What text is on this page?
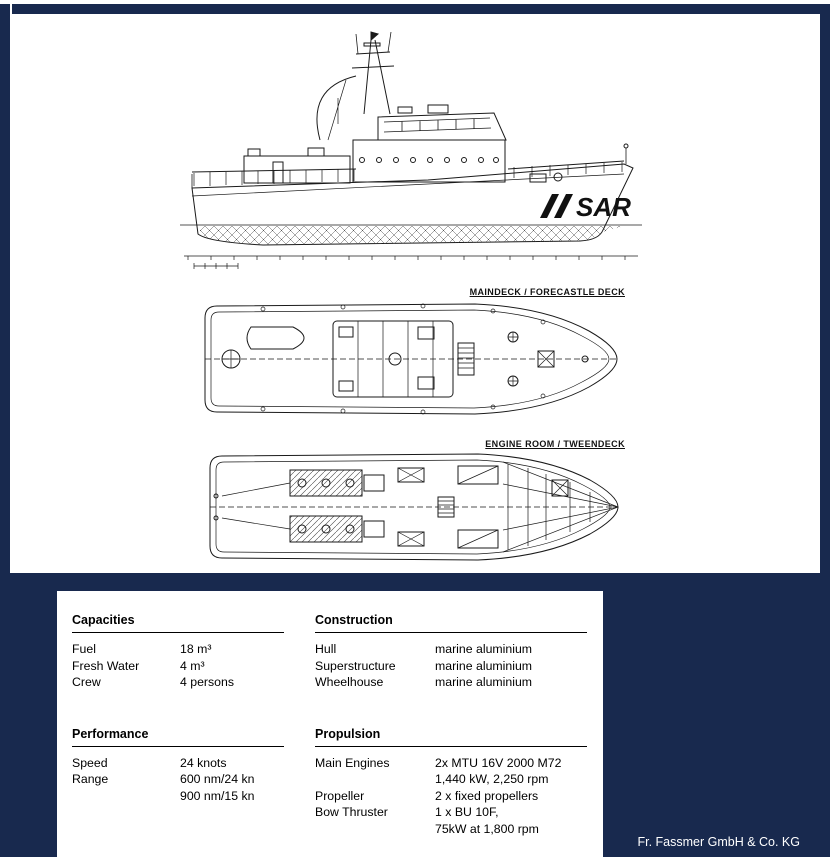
SAR
MAINDECK / FORECASTLE DECK
ENGINE ROOM / TWEENDECK
Capacities
Fuel	18 m³
Fresh Water	4 m³
Crew	4 persons
Performance
Speed	24 knots
Range	600 nm/24 kn
900 nm/15 kn
Construction
Hull	marine aluminium
Superstructure	marine aluminium
Wheelhouse	marine aluminium
Propulsion
Main Engines	2x MTU 16V 2000 M72
1,440 kW, 2,250 rpm
Propeller	2 x fixed propellers
Bow Thruster	1 x BU 10F,
75kW at 1,800 rpm
Fr. Fassmer GmbH & Co. KG
